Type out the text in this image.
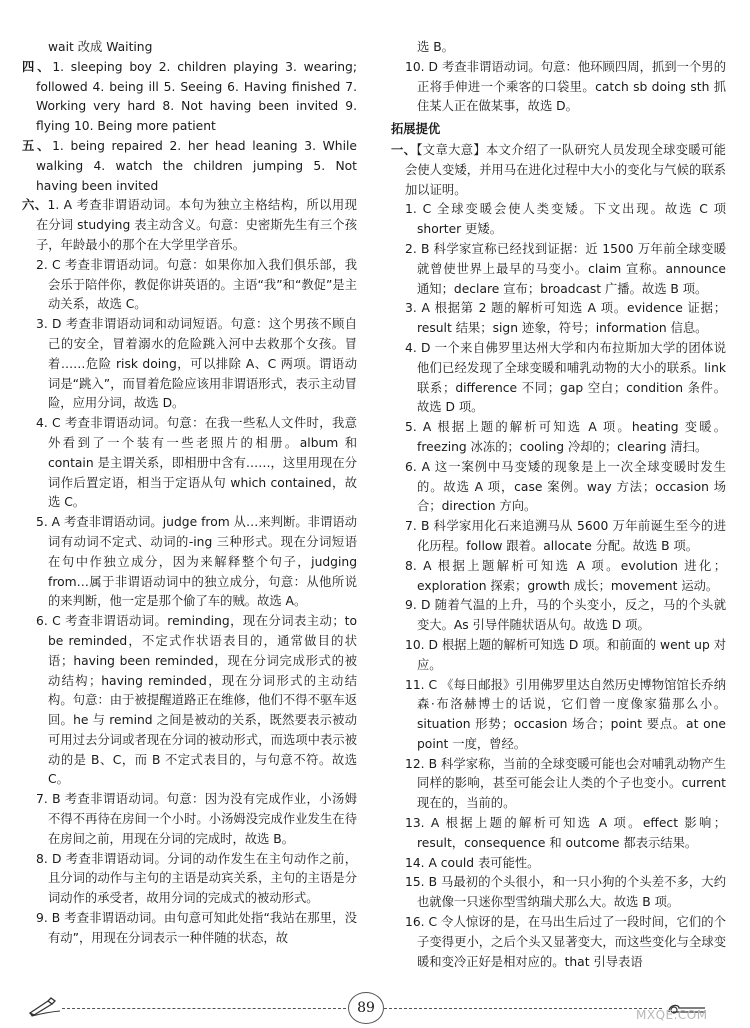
wait 改成 Waiting

四、1. sleeping boy 2. children playing 3. wearing; followed 4. being ill 5. Seeing 6. Having finished 7. Working very hard 8. Not having been invited 9. flying 10. Being more patient

五、1. being repaired 2. her head leaning 3. While walking 4. watch the children jumping 5. Not having been invited

六、1. A 考查非谓语动词。本句为独立主格结构，所以用现在分词 studying 表主动含义。句意：史密斯先生有三个孩子，年龄最小的那个在大学里学音乐。

2. C 考查非谓语动词。句意：如果你加入我们俱乐部，我会乐于陪伴你，教促你讲英语的。主语“我”和“教促”是主动关系，故选 C。

3. D 考查非谓语动词和动词短语。句意：这个男孩不顾自己的安全，冒着溺水的危险跳入河中去救那个女孩。冒着……危险 risk doing，可以排除 A、C 两项。谓语动词是“跳入”，而冒着危险应该用非谓语形式，表示主动冒险，应用分词，故选 D。

4. C 考查非谓语动词。句意：在我一些私人文件时，我意外看到了一个装有一些老照片的相册。album 和 contain 是主谓关系，即相册中含有……，这里用现在分词作后置定语，相当于定语从句 which contained，故选 C。

5. A 考查非谓语动词。judge from 从…来判断。非谓语动词有动词不定式、动词的-ing 三种形式。现在分词短语在句中作独立成分，因为来解释整个句子，judging from…属于非谓语动词中的独立成分，句意：从他所说的来判断，他一定是那个偷了车的贼。故选 A。

6. C 考查非谓语动词。reminding，现在分词表主动；to be reminded，不定式作状语表目的，通常做目的状语；having been reminded，现在分词完成形式的被动结构；having reminded，现在分词形式的主动结构。句意：由于被提醒道路正在维修，他们不得不驱车返回。he 与 remind 之间是被动的关系，既然要表示被动可用过去分词或者现在分词的被动形式，而选项中表示被动的是 B、C，而 B 不定式表目的，与句意不符。故选 C。

7. B 考查非谓语动词。句意：因为没有完成作业，小汤姆不得不再待在房间一个小时。小汤姆没完成作业发生在待在房间之前，用现在分词的完成时，故选 B。

8. D 考查非谓语动词。分词的动作发生在主句动作之前，且分词的动作与主句的主语是动宾关系，主句的主语是分词动作的承受者，故用分词的完成式的被动形式。

9. B 考查非谓语动词。由句意可知此处指“我站在那里，没有动”，用现在分词表示一种伴随的状态，故

选 B。

10. D 考查非谓语动词。句意：他环顾四周，抓到一个男的正将手伸进一个乘客的口袋里。catch sb doing sth 抓住某人正在做某事，故选 D。

拓展提优

一、【文章大意】本文介绍了一队研究人员发现全球变暖可能会使人变矮，并用马在进化过程中大小的变化与气候的联系加以证明。

1. C 全球变暖会使人类变矮。下文出现。故选 C 项 shorter 更矮。

2. B 科学家宣称已经找到证据：近 1500 万年前全球变暖就曾使世界上最早的马变小。claim 宣称。announce 通知；declare 宣布；broadcast 广播。故选 B 项。

3. A 根据第 2 题的解析可知选 A 项。evidence 证据；result 结果；sign 迹象，符号；information 信息。

4. D 一个来自佛罗里达州大学和内布拉斯加大学的团体说他们已经发现了全球变暖和哺乳动物的大小的联系。link 联系；difference 不同；gap 空白；condition 条件。故选 D 项。

5. A 根据上题的解析可知选 A 项。heating 变暖。freezing 冰冻的；cooling 冷却的；clearing 清扫。

6. A 这一案例中马变矮的现象是上一次全球变暖时发生的。故选 A 项，case 案例。way 方法；occasion 场合；direction 方向。

7. B 科学家用化石来追溯马从 5600 万年前诞生至今的进化历程。follow 跟着。allocate 分配。故选 B 项。

8. A 根据上题解析可知选 A 项。evolution 进化；exploration 探索；growth 成长；movement 运动。

9. D 随着气温的上升，马的个头变小，反之，马的个头就变大。As 引导伴随状语从句。故选 D 项。

10. D 根据上题的解析可知选 D 项。和前面的 went up 对应。

11. C 《每日邮报》引用佛罗里达自然历史博物馆馆长乔纳森·布洛赫博士的话说，它们曾一度像家猫那么小。situation 形势；occasion 场合；point 要点。at one point 一度，曾经。

12. B 科学家称，当前的全球变暖可能也会对哺乳动物产生同样的影响，甚至可能会让人类的个子也变小。current 现在的，当前的。

13. A 根据上题的解析可知选 A 项。effect 影响；result，consequence 和 outcome 都表示结果。

14. A could 表可能性。

15. B 马最初的个头很小，和一只小狗的个头差不多，大约也就像一只迷你型雪纳瑞犬那么大。故选 B 项。

16. C 令人惊讶的是，在马出生后过了一段时间，它们的个子变得更小，之后个头又显著变大，而这些变化与全球变暖和变冷正好是相对应的。that 引导表语

89	MXQE.COM
